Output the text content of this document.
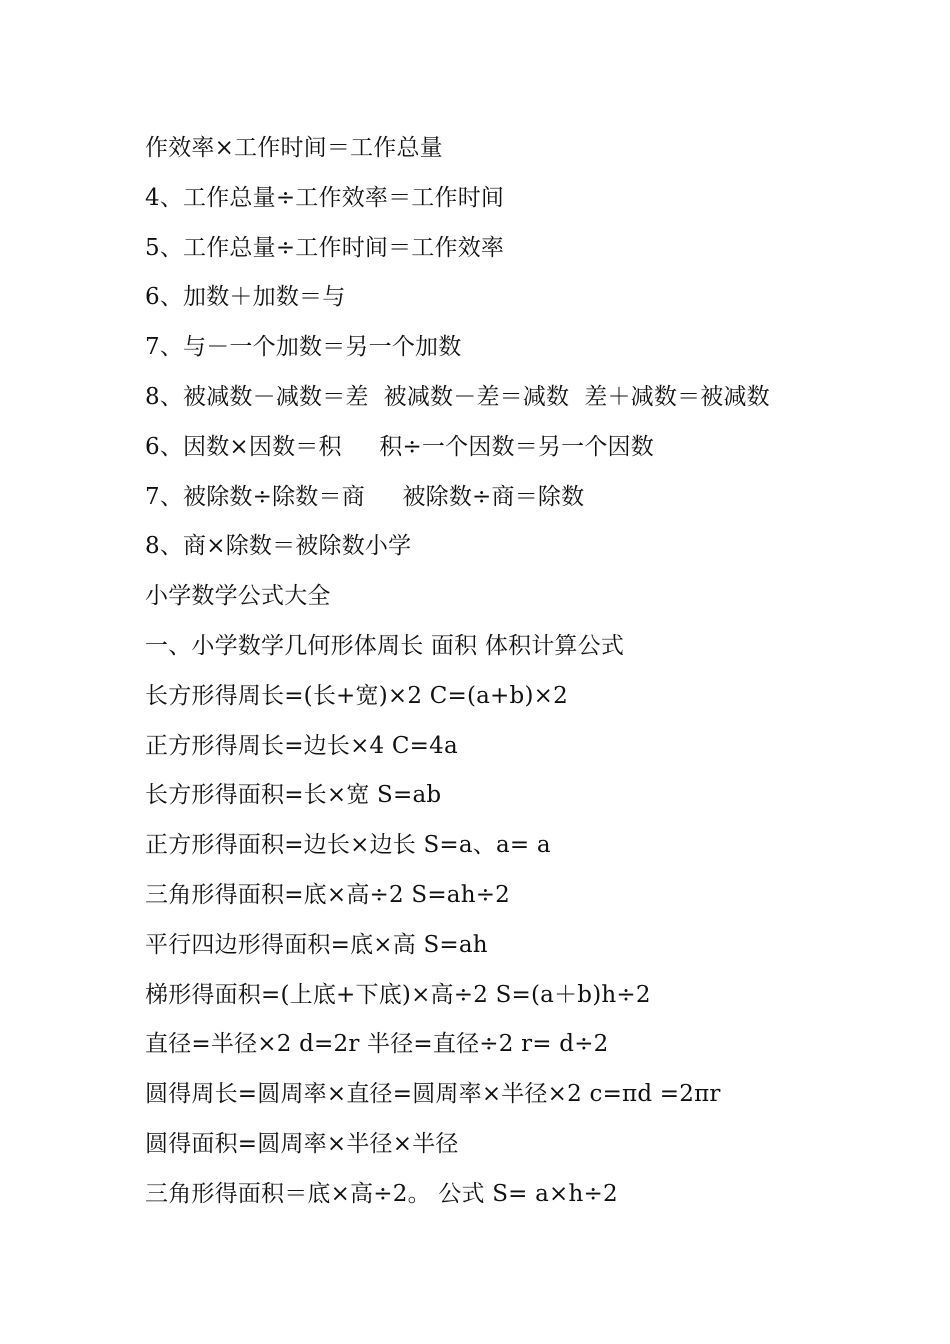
作效率×工作时间＝工作总量
4、工作总量÷工作效率＝工作时间
5、工作总量÷工作时间＝工作效率
6、加数＋加数＝与
7、与－一个加数＝另一个加数
8、被减数－减数＝差  被减数－差＝减数  差＋减数＝被减数
6、因数×因数＝积     积÷一个因数＝另一个因数
7、被除数÷除数＝商     被除数÷商＝除数
8、商×除数＝被除数小学
小学数学公式大全
一、小学数学几何形体周长 面积 体积计算公式
长方形得周长=(长+宽)×2 C=(a+b)×2
正方形得周长=边长×4 C=4a
长方形得面积=长×宽 S=ab
正方形得面积=边长×边长 S=a、a= a
三角形得面积=底×高÷2 S=ah÷2
平行四边形得面积=底×高 S=ah
梯形得面积=(上底+下底)×高÷2 S=(a＋b)h÷2
直径=半径×2 d=2r 半径=直径÷2 r= d÷2
圆得周长=圆周率×直径=圆周率×半径×2 c=πd =2πr
圆得面积=圆周率×半径×半径
三角形得面积＝底×高÷2。 公式 S= a×h÷2
